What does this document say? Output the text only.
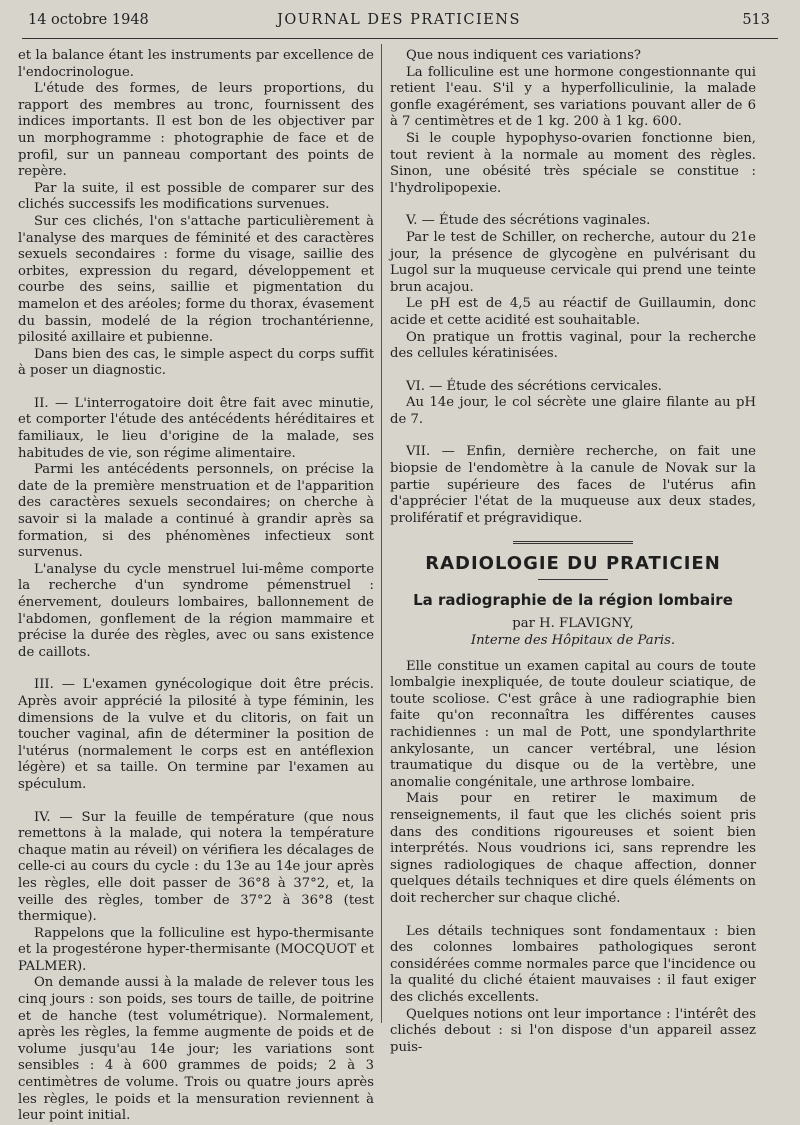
14 octobre 1948	JOURNAL DES PRATICIENS	513

et la balance étant les instruments par excellence de l'endocrinologue.

L'étude des formes, de leurs proportions, du rapport des membres au tronc, fournissent des indices importants. Il est bon de les objectiver par un morphogramme : photographie de face et de profil, sur un panneau comportant des points de repère.

Par la suite, il est possible de comparer sur des clichés successifs les modifications survenues.

Sur ces clichés, l'on s'attache particulièrement à l'analyse des marques de féminité et des caractères sexuels secondaires : forme du visage, saillie des orbites, expression du regard, développement et courbe des seins, saillie et pigmentation du mamelon et des aréoles; forme du thorax, évasement du bassin, modelé de la région trochantérienne, pilosité axillaire et pubienne.

Dans bien des cas, le simple aspect du corps suffit à poser un diagnostic.

II. — L'interrogatoire doit être fait avec minutie, et comporter l'étude des antécédents héréditaires et familiaux, le lieu d'origine de la malade, ses habitudes de vie, son régime alimentaire.

Parmi les antécédents personnels, on précise la date de la première menstruation et de l'apparition des caractères sexuels secondaires; on cherche à savoir si la malade a continué à grandir après sa formation, si des phénomènes infectieux sont survenus.

L'analyse du cycle menstruel lui-même comporte la recherche d'un syndrome pémenstruel : énervement, douleurs lombaires, ballonnement de l'abdomen, gonflement de la région mammaire et précise la durée des règles, avec ou sans existence de caillots.

III. — L'examen gynécologique doit être précis. Après avoir apprécié la pilosité à type féminin, les dimensions de la vulve et du clitoris, on fait un toucher vaginal, afin de déterminer la position de l'utérus (normalement le corps est en antéflexion légère) et sa taille. On termine par l'examen au spéculum.

IV. — Sur la feuille de température (que nous remettons à la malade, qui notera la température chaque matin au réveil) on vérifiera les décalages de celle-ci au cours du cycle : du 13e au 14e jour après les règles, elle doit passer de 36°8 à 37°2, et, la veille des règles, tomber de 37°2 à 36°8 (test thermique).

Rappelons que la folliculine est hypo-thermisante et la progestérone hyper-thermisante (MOCQUOT et PALMER).

On demande aussi à la malade de relever tous les cinq jours : son poids, ses tours de taille, de poitrine et de hanche (test volumétrique). Normalement, après les règles, la femme augmente de poids et de volume jusqu'au 14e jour; les variations sont sensibles : 4 à 600 grammes de poids; 2 à 3 centimètres de volume. Trois ou quatre jours après les règles, le poids et la mensuration reviennent à leur point initial.

Que nous indiquent ces variations?

La folliculine est une hormone congestionnante qui retient l'eau. S'il y a hyperfolliculinie, la malade gonfle exagérément, ses variations pouvant aller de 6 à 7 centimètres et de 1 kg. 200 à 1 kg. 600.

Si le couple hypophyso-ovarien fonctionne bien, tout revient à la normale au moment des règles. Sinon, une obésité très spéciale se constitue : l'hydrolipopexie.

V. — Étude des sécrétions vaginales.

Par le test de Schiller, on recherche, autour du 21e jour, la présence de glycogène en pulvérisant du Lugol sur la muqueuse cervicale qui prend une teinte brun acajou.

Le pH est de 4,5 au réactif de Guillaumin, donc acide et cette acidité est souhaitable.

On pratique un frottis vaginal, pour la recherche des cellules kératinisées.

VI. — Étude des sécrétions cervicales.

Au 14e jour, le col sécrète une glaire filante au pH de 7.

VII. — Enfin, dernière recherche, on fait une biopsie de l'endomètre à la canule de Novak sur la partie supérieure des faces de l'utérus afin d'apprécier l'état de la muqueuse aux deux stades, prolifératif et prégravidique.

RADIOLOGIE DU PRATICIEN
La radiographie de la région lombaire
par H. FLAVIGNY,
Interne des Hôpitaux de Paris.

Elle constitue un examen capital au cours de toute lombalgie inexpliquée, de toute douleur sciatique, de toute scoliose. C'est grâce à une radiographie bien faite qu'on reconnaîtra les différentes causes rachidiennes : un mal de Pott, une spondylarthrite ankylosante, un cancer vertébral, une lésion traumatique du disque ou de la vertèbre, une anomalie congénitale, une arthrose lombaire.

Mais pour en retirer le maximum de renseignements, il faut que les clichés soient pris dans des conditions rigoureuses et soient bien interprétés. Nous voudrions ici, sans reprendre les signes radiologiques de chaque affection, donner quelques détails techniques et dire quels éléments on doit rechercher sur chaque cliché.

Les détails techniques sont fondamentaux : bien des colonnes lombaires pathologiques seront considérées comme normales parce que l'incidence ou la qualité du cliché étaient mauvaises : il faut exiger des clichés excellents.

Quelques notions ont leur importance : l'intérêt des clichés debout : si l'on dispose d'un appareil assez puis-
